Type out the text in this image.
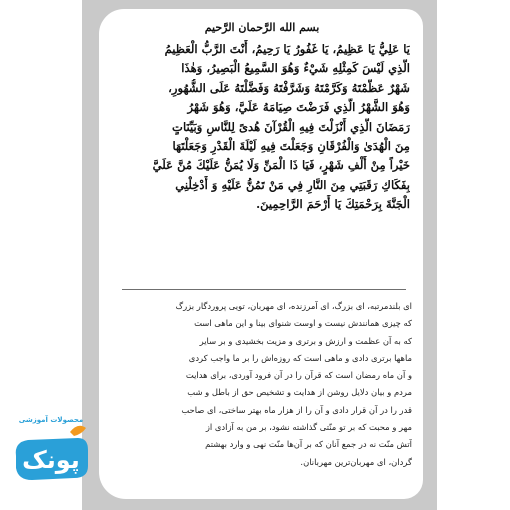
بسم الله الرَّحمان الرَّحيم
يَا عَلِيُّ يَا عَظِيمُ، يَا غَفُورُ يَا رَحِيمُ، أَنْتَ الرَّبُّ الْعَظِيمُ
الَّذِي لَيْسَ كَمِثْلِهِ شَيْءٌ وَهُوَ السَّمِيعُ الْبَصِيرُ، وَهٰذَا
شَهْرٌ عَظَّمْتَهُ وَكَرَّمْتَهُ وَشَرَّفْتَهُ وَفَضَّلْتَهُ عَلَى الشُّهُورِ،
وَهُوَ الشَّهْرُ الَّذِي فَرَضْتَ صِيَامَهُ عَلَيَّ، وَهُوَ شَهْرُ
رَمَضَانَ الَّذِي أَنْزَلْتَ فِيهِ الْقُرْآنَ هُدىً لِلنَّاسِ وَبَيِّنَاتٍ
مِنَ الْهُدَىٰ وَالْفُرْقَانِ وَجَعَلْتَ فِيهِ لَيْلَةَ الْقَدْرِ وَجَعَلْتَهَا
خَيْراً مِنْ أَلْفِ شَهْرٍ، فَيَا ذَا الْمَنِّ وَلَا يُمَنُّ عَلَيْكَ مُنَّ عَلَيَّ
بِفَكَاكِ رَقَبَتِي مِنَ النَّارِ فِي مَنْ تَمُنُّ عَلَيْهِ وَ أَدْخِلْنِي
الْجَنَّةَ بِرَحْمَتِكَ يَا أَرْحَمَ الرَّاحِمِينَ.
ای بلندمرتبه، ای بزرگ، ای آمرزنده، ای مهربان، تویی پروردگار بزرگ
که چیزی همانندش نیست و اوست شنوای بینا و این ماهی است
که به آن عظمت و ارزش و برتری و مزیت بخشیدی و بر سایر
ماهها برتری دادی و ماهی است که روزه‌اش را بر ما واجب کردی
و آن ماه رمضان است که قرآن را در آن فرود آوردی، برای هدایت
مردم و بیان دلایل روشن از هدایت و تشخیص حق از باطل و شب
قدر را در آن قرار دادی و آن را از هزار ماه بهتر ساختی، ای صاحب
مهر و محبت که بر تو منّتی گذاشته نشود، بر من به آزادی از
آتش منّت نه در جمع آنان که بر آن‌ها منّت نهی و وارد بهشتم
گردان، ای مهربان‌ترین مهربانان.
محصولات آموزشی
پونک
